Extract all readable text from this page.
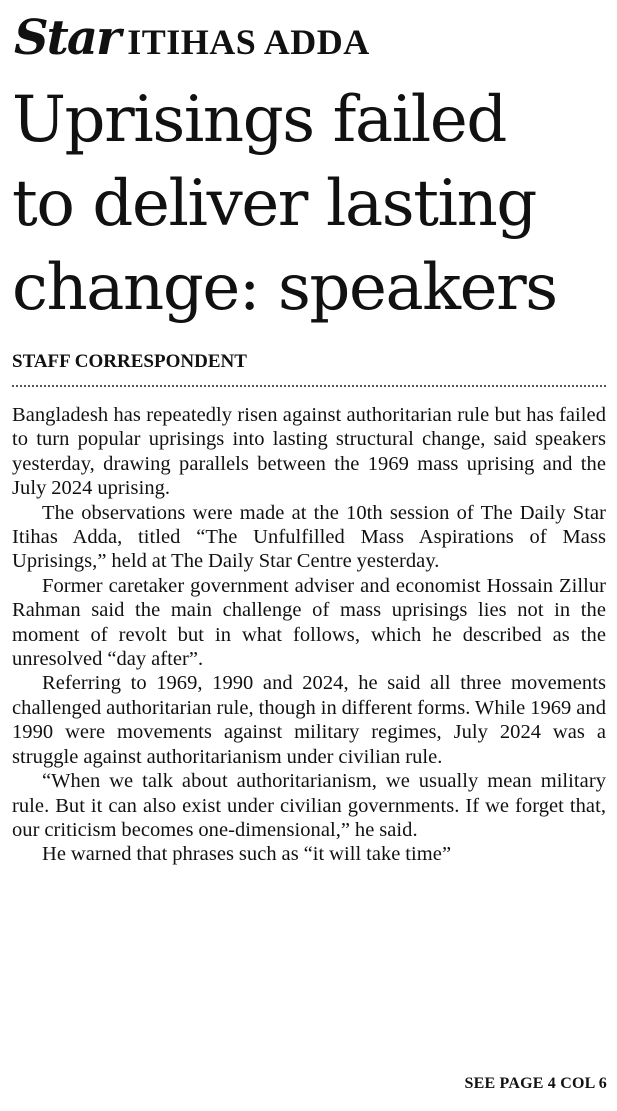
Star ITIHAS ADDA
Uprisings failed
to deliver lasting
change: speakers
STAFF CORRESPONDENT

Bangladesh has repeatedly risen against authoritarian rule but has failed to turn popular uprisings into lasting structural change, said speakers yesterday, drawing parallels between the 1969 mass uprising and the July 2024 uprising.

The observations were made at the 10th session of The Daily Star Itihas Adda, titled “The Unfulfilled Mass Aspirations of Mass Uprisings,” held at The Daily Star Centre yesterday.

Former caretaker government adviser and economist Hossain Zillur Rahman said the main challenge of mass uprisings lies not in the moment of revolt but in what follows, which he described as the unresolved “day after”.

Referring to 1969, 1990 and 2024, he said all three movements challenged authoritarian rule, though in different forms. While 1969 and 1990 were movements against military regimes, July 2024 was a struggle against authoritarianism under civilian rule.

“When we talk about authoritarianism, we usually mean military rule. But it can also exist under civilian governments. If we forget that, our criticism becomes one-dimensional,” he said.

He warned that phrases such as “it will take time”

SEE PAGE 4 COL 6
